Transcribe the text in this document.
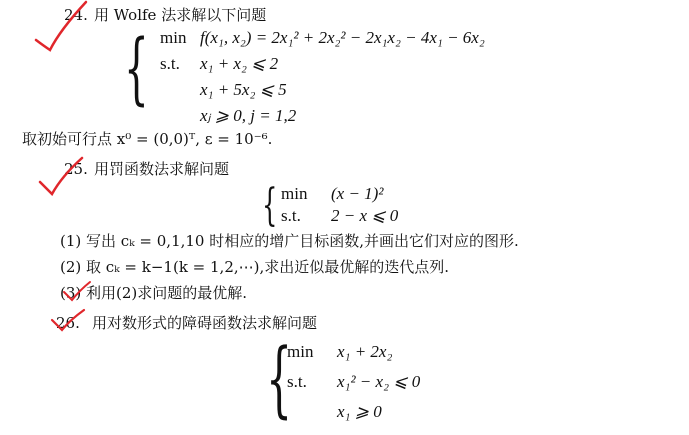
24. 用 Wolfe 法求解以下问题
{ min f(x₁, x₂) = 2x₁² + 2x₂² − 2x₁x₂ − 4x₁ − 6x₂
s.t. x₁ + x₂ ⩽ 2
x₁ + 5x₂ ⩽ 5
xⱼ ⩾ 0, j = 1,2
取初始可行点 x⁰ = (0,0)ᵀ, ε = 10⁻⁶.
25. 用罚函数法求解问题
{ min (x − 1)²
s.t. 2 − x ⩽ 0
(1) 写出 cₖ = 0,1,10 时相应的增广目标函数,并画出它们对应的图形.
(2) 取 cₖ = k−1(k = 1,2,⋯),求出近似最优解的迭代点列.
(3) 利用(2)求问题的最优解.
26. 用对数形式的障碍函数法求解问题
{
min x₁ + 2x₂
s.t. x₁² − x₂ ⩽ 0
x₁ ⩾ 0
